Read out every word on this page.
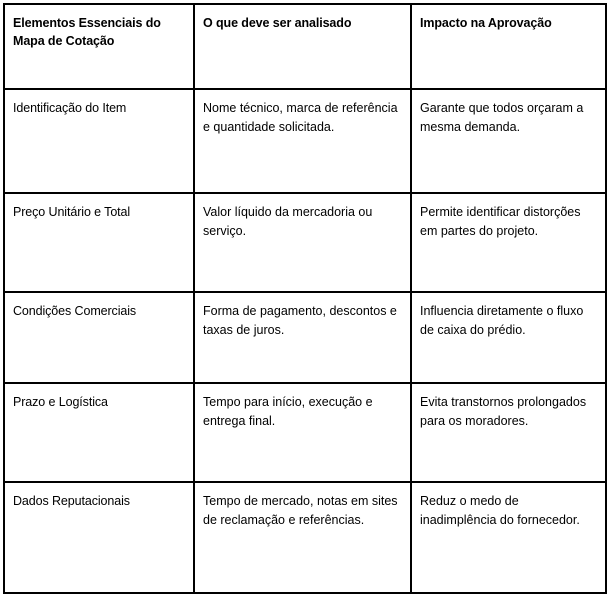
Elementos Essenciais do Mapa de Cotação	O que deve ser analisado	Impacto na Aprovação
Identificação do Item	Nome técnico, marca de referência e quantidade solicitada.	Garante que todos orçaram a mesma demanda.
Preço Unitário e Total	Valor líquido da mercadoria ou serviço.	Permite identificar distorções em partes do projeto.
Condições Comerciais	Forma de pagamento, descontos e taxas de juros.	Influencia diretamente o fluxo de caixa do prédio.
Prazo e Logística	Tempo para início, execução e entrega final.	Evita transtornos prolongados para os moradores.
Dados Reputacionais	Tempo de mercado, notas em sites de reclamação e referências.	Reduz o medo de inadimplência do fornecedor.
